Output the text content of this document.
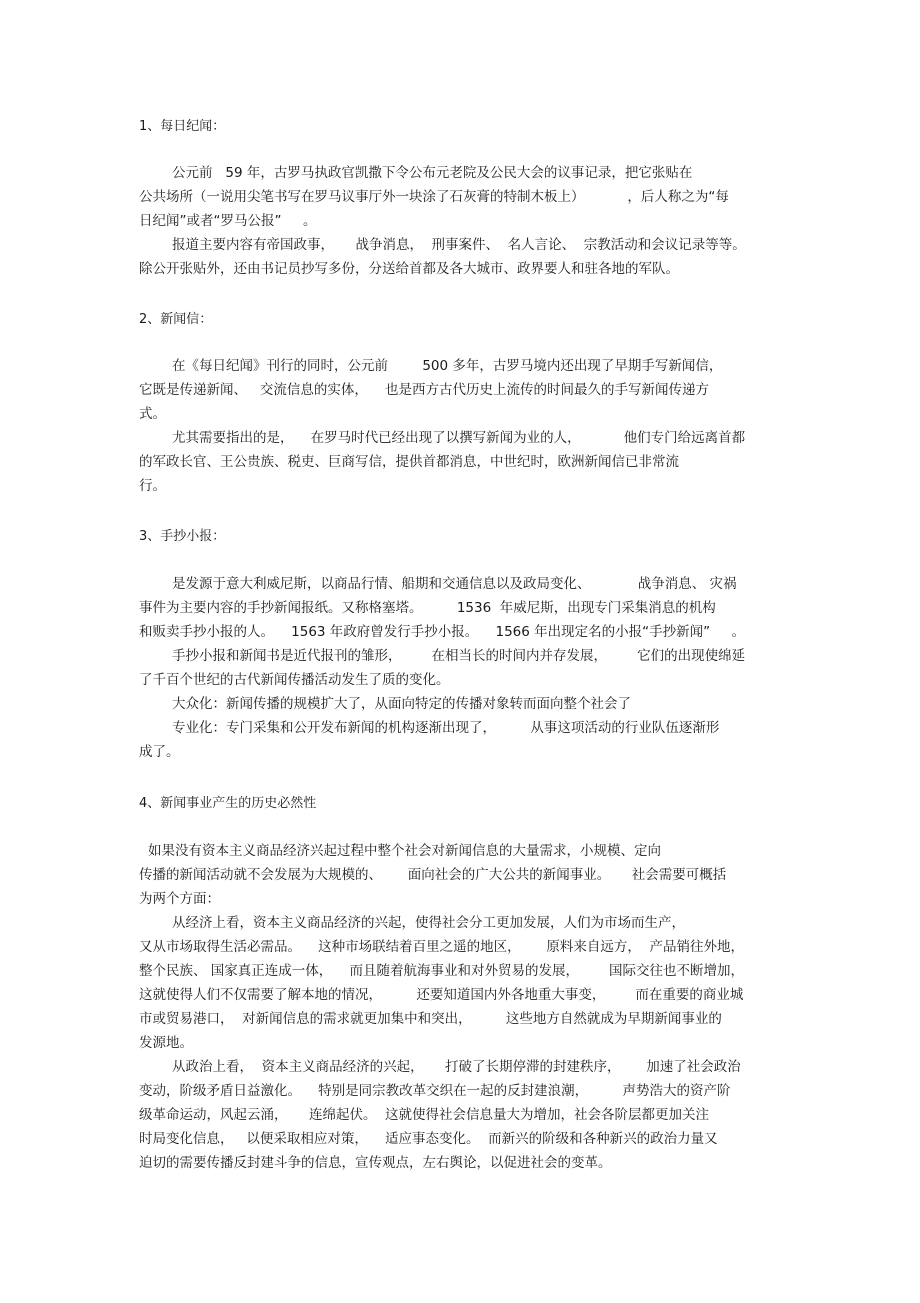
1、每日纪闻：
公元前   59 年，古罗马执政官凯撒下令公布元老院及公民大会的议事记录，把它张贴在
公共场所（一说用尖笔书写在罗马议事厅外一块涂了石灰膏的特制木板上）          ，后人称之为“每
日纪闻”或者“罗马公报”     。
报道主要内容有帝国政事，     战争消息，  刑事案件、  名人言论、  宗教活动和会议记录等等。
除公开张贴外，还由书记员抄写多份，分送给首都及各大城市、政界要人和驻各地的军队。
2、新闻信：
在《每日纪闻》刊行的同时，公元前        500 多年，古罗马境内还出现了早期手写新闻信，
它既是传递新闻、   交流信息的实体，    也是西方古代历史上流传的时间最久的手写新闻传递方
式。
尤其需要指出的是，    在罗马时代已经出现了以撰写新闻为业的人，          他们专门给远离首都
的军政长官、王公贵族、税吏、巨商写信，提供首都消息，中世纪时，欧洲新闻信已非常流
行。
3、手抄小报：
是发源于意大利威尼斯，以商品行情、船期和交通信息以及政局变化、           战争消息、 灾祸
事件为主要内容的手抄新闻报纸。又称格塞塔。        1536  年威尼斯，出现专门采集消息的机构
和贩卖手抄小报的人。    1563 年政府曾发行手抄小报。    1566 年出现定名的小报“手抄新闻”     。
手抄小报和新闻书是近代报刊的雏形，       在相当长的时间内并存发展，       它们的出现使绵延
了千百个世纪的古代新闻传播活动发生了质的变化。
大众化：新闻传播的规模扩大了，从面向特定的传播对象转而面向整个社会了
专业化：专门采集和公开发布新闻的机构逐渐出现了，        从事这项活动的行业队伍逐渐形
成了。
4、新闻事业产生的历史必然性
如果没有资本主义商品经济兴起过程中整个社会对新闻信息的大量需求，小规模、定向
传播的新闻活动就不会发展为大规模的、      面向社会的广大公共的新闻事业。     社会需要可概括
为两个方面：
从经济上看，资本主义商品经济的兴起，使得社会分工更加发展，人们为市场而生产，
又从市场取得生活必需品。    这种市场联结着百里之遥的地区，      原料来自远方，  产品销往外地，
整个民族、 国家真正连成一体，    而且随着航海事业和对外贸易的发展，       国际交往也不断增加，
这就使得人们不仅需要了解本地的情况，        还要知道国内外各地重大事变，       而在重要的商业城
市或贸易港口，  对新闻信息的需求就更加集中和突出，        这些地方自然就成为早期新闻事业的
发源地。
从政治上看，  资本主义商品经济的兴起，     打破了长期停滞的封建秩序，      加速了社会政治
变动，阶级矛盾日益激化。    特别是同宗教改革交织在一起的反封建浪潮，        声势浩大的资产阶
级革命运动，风起云涌，     连绵起伏。  这就使得社会信息量大为增加，社会各阶层都更加关注
时局变化信息，   以便采取相应对策，    适应事态变化。  而新兴的阶级和各种新兴的政治力量又
迫切的需要传播反封建斗争的信息，宣传观点，左右舆论，以促进社会的变革。
